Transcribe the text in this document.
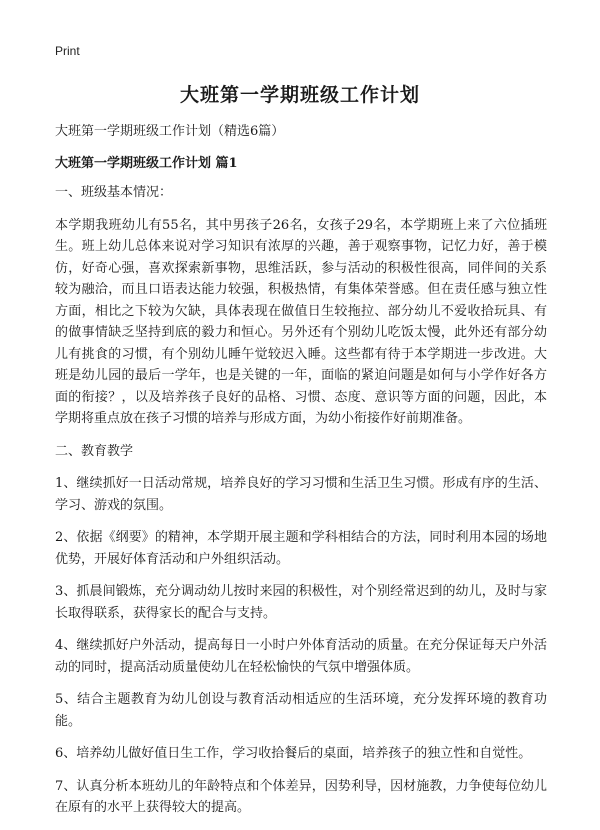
Print
大班第一学期班级工作计划
大班第一学期班级工作计划（精选6篇）
大班第一学期班级工作计划 篇1
一、班级基本情况：

本学期我班幼儿有55名，其中男孩子26名，女孩子29名，本学期班上来了六位插班生。班上幼儿总体来说对学习知识有浓厚的兴趣，善于观察事物，记忆力好，善于模仿，好奇心强，喜欢探索新事物，思维活跃，参与活动的积极性很高，同伴间的关系较为融洽，而且口语表达能力较强，积极热情，有集体荣誉感。但在责任感与独立性方面，相比之下较为欠缺，具体表现在做值日生较拖拉、部分幼儿不爱收拾玩具、有的做事情缺乏坚持到底的毅力和恒心。另外还有个别幼儿吃饭太慢，此外还有部分幼儿有挑食的习惯，有个别幼儿睡午觉较迟入睡。这些都有待于本学期进一步改进。大班是幼儿园的最后一学年，也是关键的一年，面临的紧迫问题是如何与小学作好各方面的衔接？，以及培养孩子良好的品格、习惯、态度、意识等方面的问题，因此，本学期将重点放在孩子习惯的培养与形成方面，为幼小衔接作好前期准备。

二、教育教学

1、继续抓好一日活动常规，培养良好的学习习惯和生活卫生习惯。形成有序的生活、学习、游戏的氛围。

2、依据《纲要》的精神，本学期开展主题和学科相结合的方法，同时利用本园的场地优势，开展好体育活动和户外组织活动。

3、抓晨间锻炼，充分调动幼儿按时来园的积极性，对个别经常迟到的幼儿，及时与家长取得联系，获得家长的配合与支持。

4、继续抓好户外活动，提高每日一小时户外体育活动的质量。在充分保证每天户外活动的同时，提高活动质量使幼儿在轻松愉快的气氛中增强体质。

5、结合主题教育为幼儿创设与教育活动相适应的生活环境，充分发挥环境的教育功能。

6、培养幼儿做好值日生工作，学习收拾餐后的桌面，培养孩子的独立性和自觉性。

7、认真分析本班幼儿的年龄特点和个体差异，因势利导，因材施教，力争使每位幼儿在原有的水平上获得较大的提高。
